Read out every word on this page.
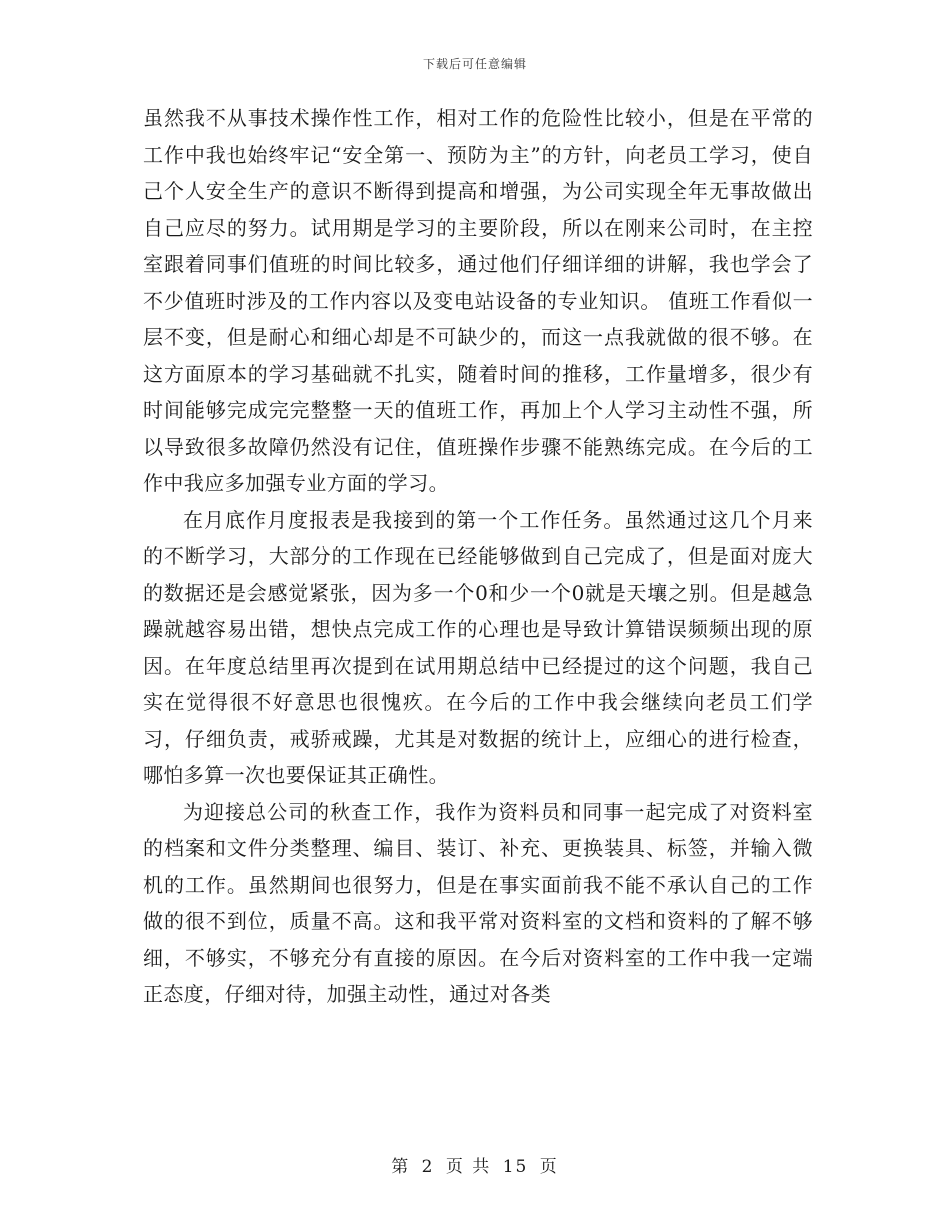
下载后可任意编辑

虽然我不从事技术操作性工作，相对工作的危险性比较小，但是在平常的工作中我也始终牢记“安全第一、预防为主”的方针，向老员工学习，使自己个人安全生产的意识不断得到提高和增强，为公司实现全年无事故做出自己应尽的努力。试用期是学习的主要阶段，所以在刚来公司时，在主控室跟着同事们值班的时间比较多，通过他们仔细详细的讲解，我也学会了不少值班时涉及的工作内容以及变电站设备的专业知识。 值班工作看似一层不变，但是耐心和细心却是不可缺少的，而这一点我就做的很不够。在这方面原本的学习基础就不扎实，随着时间的推移，工作量增多，很少有时间能够完成完完整整一天的值班工作，再加上个人学习主动性不强，所以导致很多故障仍然没有记住，值班操作步骤不能熟练完成。在今后的工作中我应多加强专业方面的学习。

在月底作月度报表是我接到的第一个工作任务。虽然通过这几个月来的不断学习，大部分的工作现在已经能够做到自己完成了，但是面对庞大的数据还是会感觉紧张，因为多一个0和少一个0就是天壤之别。但是越急躁就越容易出错，想快点完成工作的心理也是导致计算错误频频出现的原因。在年度总结里再次提到在试用期总结中已经提过的这个问题，我自己实在觉得很不好意思也很愧疚。在今后的工作中我会继续向老员工们学习，仔细负责，戒骄戒躁，尤其是对数据的统计上，应细心的进行检查，哪怕多算一次也要保证其正确性。

为迎接总公司的秋查工作，我作为资料员和同事一起完成了对资料室的档案和文件分类整理、编目、装订、补充、更换装具、标签，并输入微机的工作。虽然期间也很努力，但是在事实面前我不能不承认自己的工作做的很不到位，质量不高。这和我平常对资料室的文档和资料的了解不够细，不够实，不够充分有直接的原因。在今后对资料室的工作中我一定端正态度，仔细对待，加强主动性，通过对各类

第 2 页 共 15 页
